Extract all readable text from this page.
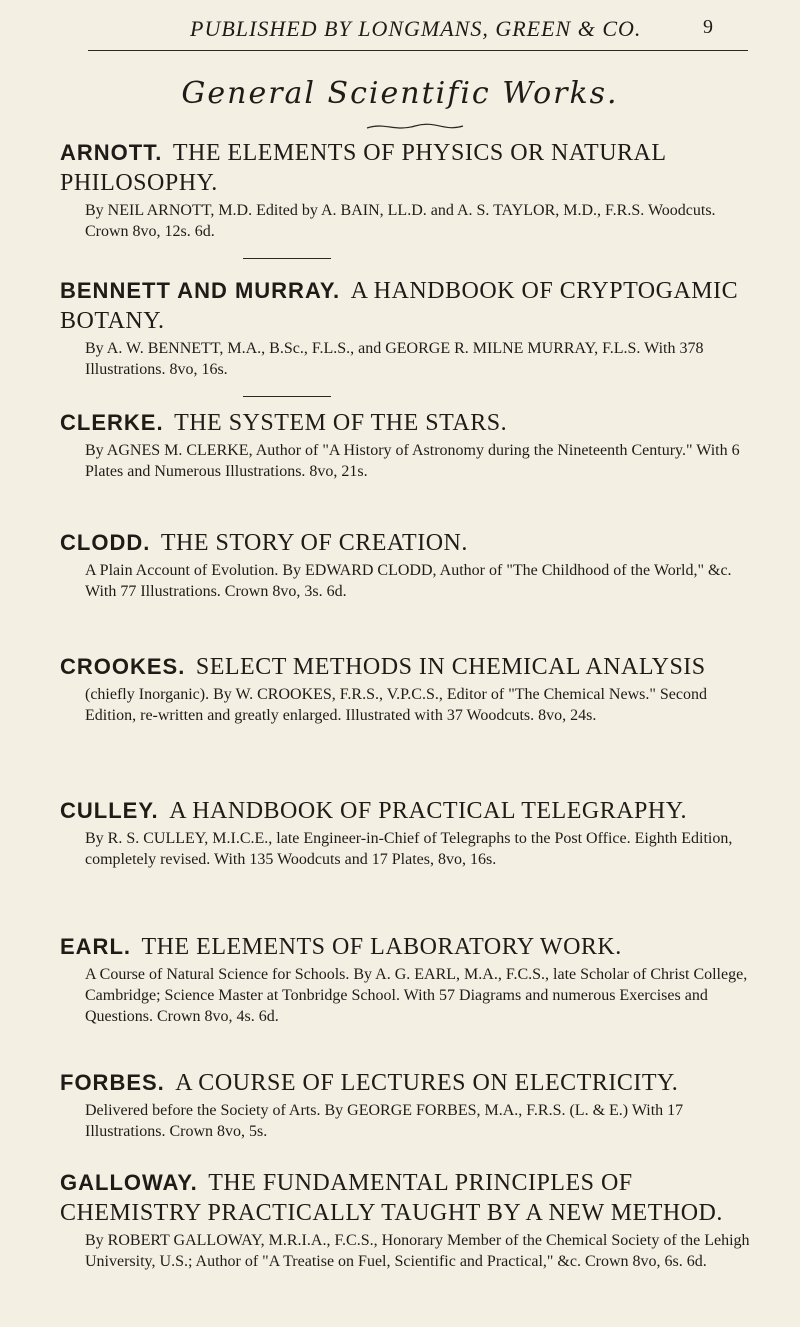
PUBLISHED BY LONGMANS, GREEN & CO.	9
General Scientific Works.
ARNOTT. THE ELEMENTS OF PHYSICS OR NATURAL PHILOSOPHY.
By NEIL ARNOTT, M.D. Edited by A. BAIN, LL.D. and A. S. TAYLOR, M.D., F.R.S. Woodcuts. Crown 8vo, 12s. 6d.
BENNETT AND MURRAY. A HANDBOOK OF CRYPTOGAMIC BOTANY.
By A. W. BENNETT, M.A., B.Sc., F.L.S., and GEORGE R. MILNE MURRAY, F.L.S. With 378 Illustrations. 8vo, 16s.
CLERKE. THE SYSTEM OF THE STARS.
By AGNES M. CLERKE, Author of "A History of Astronomy during the Nineteenth Century." With 6 Plates and Numerous Illustrations. 8vo, 21s.
CLODD. THE STORY OF CREATION.
A Plain Account of Evolution. By EDWARD CLODD, Author of "The Childhood of the World," &c. With 77 Illustrations. Crown 8vo, 3s. 6d.
CROOKES. SELECT METHODS IN CHEMICAL ANALYSIS
(chiefly Inorganic). By W. CROOKES, F.R.S., V.P.C.S., Editor of "The Chemical News." Second Edition, re-written and greatly enlarged. Illustrated with 37 Woodcuts. 8vo, 24s.
CULLEY. A HANDBOOK OF PRACTICAL TELEGRAPHY.
By R. S. CULLEY, M.I.C.E., late Engineer-in-Chief of Telegraphs to the Post Office. Eighth Edition, completely revised. With 135 Woodcuts and 17 Plates, 8vo, 16s.
EARL. THE ELEMENTS OF LABORATORY WORK.
A Course of Natural Science for Schools. By A. G. EARL, M.A., F.C.S., late Scholar of Christ College, Cambridge; Science Master at Tonbridge School. With 57 Diagrams and numerous Exercises and Questions. Crown 8vo, 4s. 6d.
FORBES. A COURSE OF LECTURES ON ELECTRICITY.
Delivered before the Society of Arts. By GEORGE FORBES, M.A., F.R.S. (L. & E.) With 17 Illustrations. Crown 8vo, 5s.
GALLOWAY. THE FUNDAMENTAL PRINCIPLES OF CHEMISTRY PRACTICALLY TAUGHT BY A NEW METHOD.
By ROBERT GALLOWAY, M.R.I.A., F.C.S., Honorary Member of the Chemical Society of the Lehigh University, U.S.; Author of "A Treatise on Fuel, Scientific and Practical," &c. Crown 8vo, 6s. 6d.
